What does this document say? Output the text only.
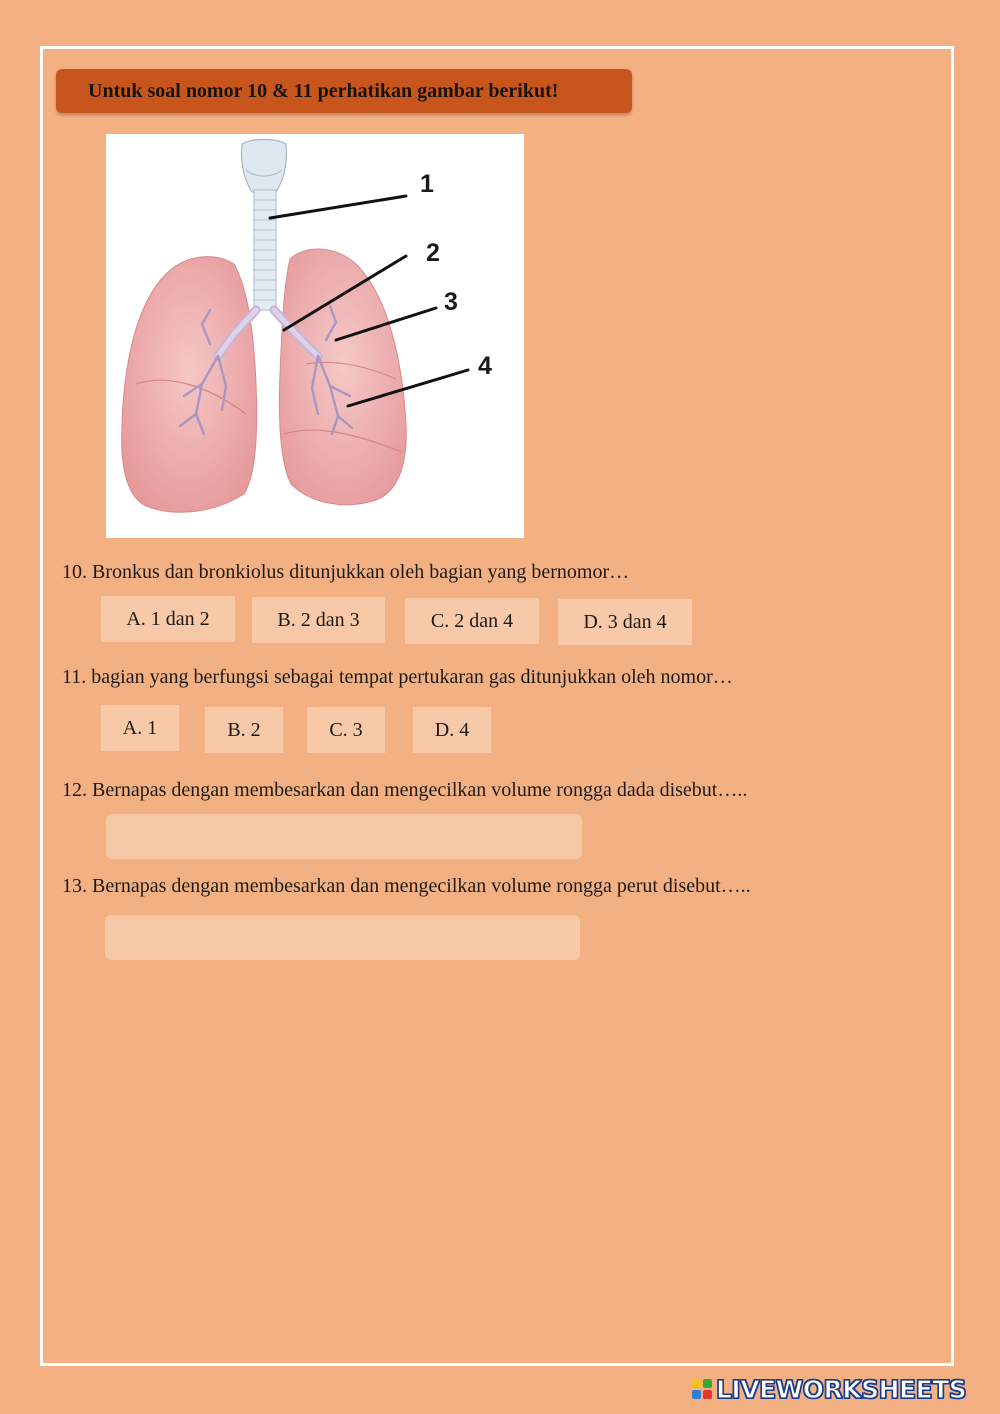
Untuk soal nomor 10 & 11 perhatikan gambar berikut!
1
2
3
4
10. Bronkus dan bronkiolus ditunjukkan oleh bagian yang bernomor…
A. 1 dan 2	B. 2 dan 3	C. 2 dan 4	D. 3 dan 4
11. bagian yang berfungsi sebagai tempat pertukaran gas ditunjukkan oleh nomor…
A. 1	B. 2	C. 3	D. 4
12. Bernapas dengan membesarkan dan mengecilkan volume rongga dada disebut…..
13. Bernapas dengan membesarkan dan mengecilkan volume rongga perut disebut…..
LIVEWORKSHEETS
